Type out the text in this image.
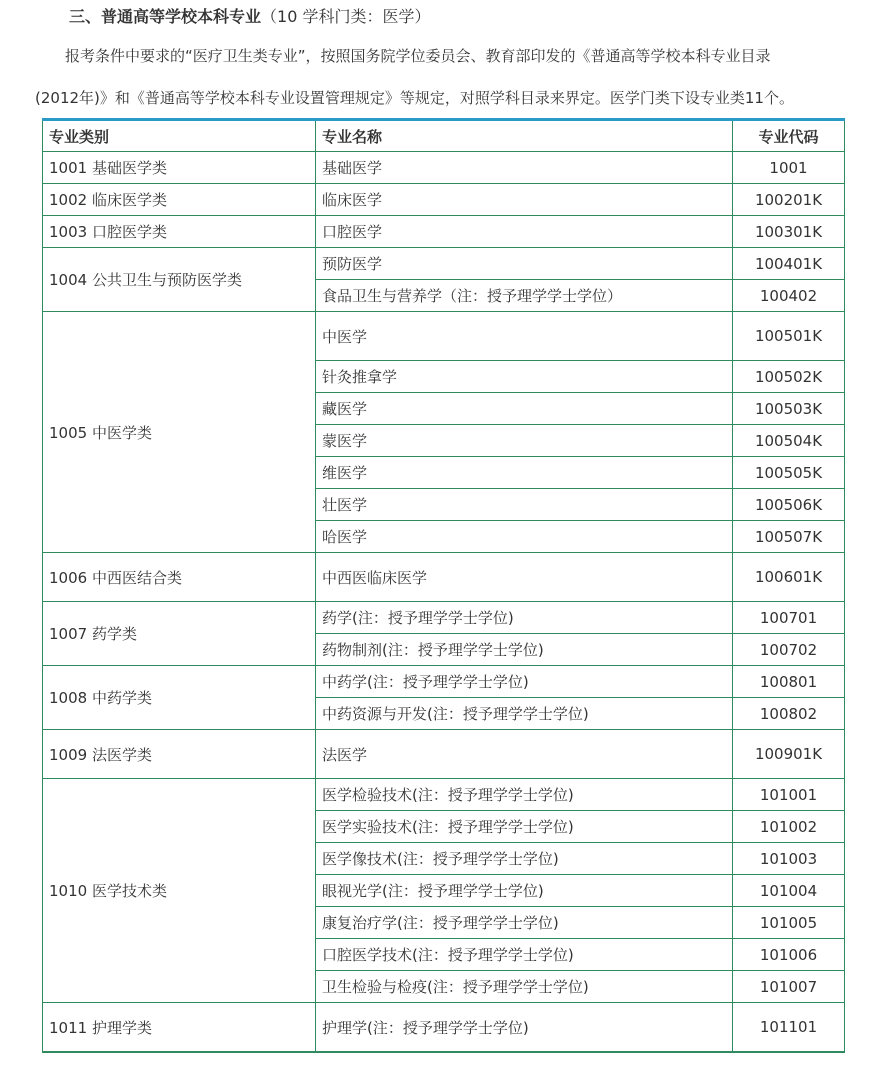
三、普通高等学校本科专业（10 学科门类：医学）
报考条件中要求的“医疗卫生类专业”，按照国务院学位委员会、教育部印发的《普通高等学校本科专业目录
(2012年)》和《普通高等学校本科专业设置管理规定》等规定，对照学科目录来界定。医学门类下设专业类11个。
专业类别	专业名称	专业代码
1001 基础医学类	基础医学	1001
1002 临床医学类	临床医学	100201K
1003 口腔医学类	口腔医学	100301K
1004 公共卫生与预防医学类	预防医学	100401K
	食品卫生与营养学（注：授予理学学士学位）	100402
1005 中医学类	中医学	100501K
	针灸推拿学	100502K
	藏医学	100503K
	蒙医学	100504K
	维医学	100505K
	壮医学	100506K
	哈医学	100507K
1006 中西医结合类	中西医临床医学	100601K
1007 药学类	药学(注：授予理学学士学位)	100701
	药物制剂(注：授予理学学士学位)	100702
1008 中药学类	中药学(注：授予理学学士学位)	100801
	中药资源与开发(注：授予理学学士学位)	100802
1009 法医学类	法医学	100901K
1010 医学技术类	医学检验技术(注：授予理学学士学位)	101001
	医学实验技术(注：授予理学学士学位)	101002
	医学像技术(注：授予理学学士学位)	101003
	眼视光学(注：授予理学学士学位)	101004
	康复治疗学(注：授予理学学士学位)	101005
	口腔医学技术(注：授予理学学士学位)	101006
	卫生检验与检疫(注：授予理学学士学位)	101007
1011 护理学类	护理学(注：授予理学学士学位)	101101
